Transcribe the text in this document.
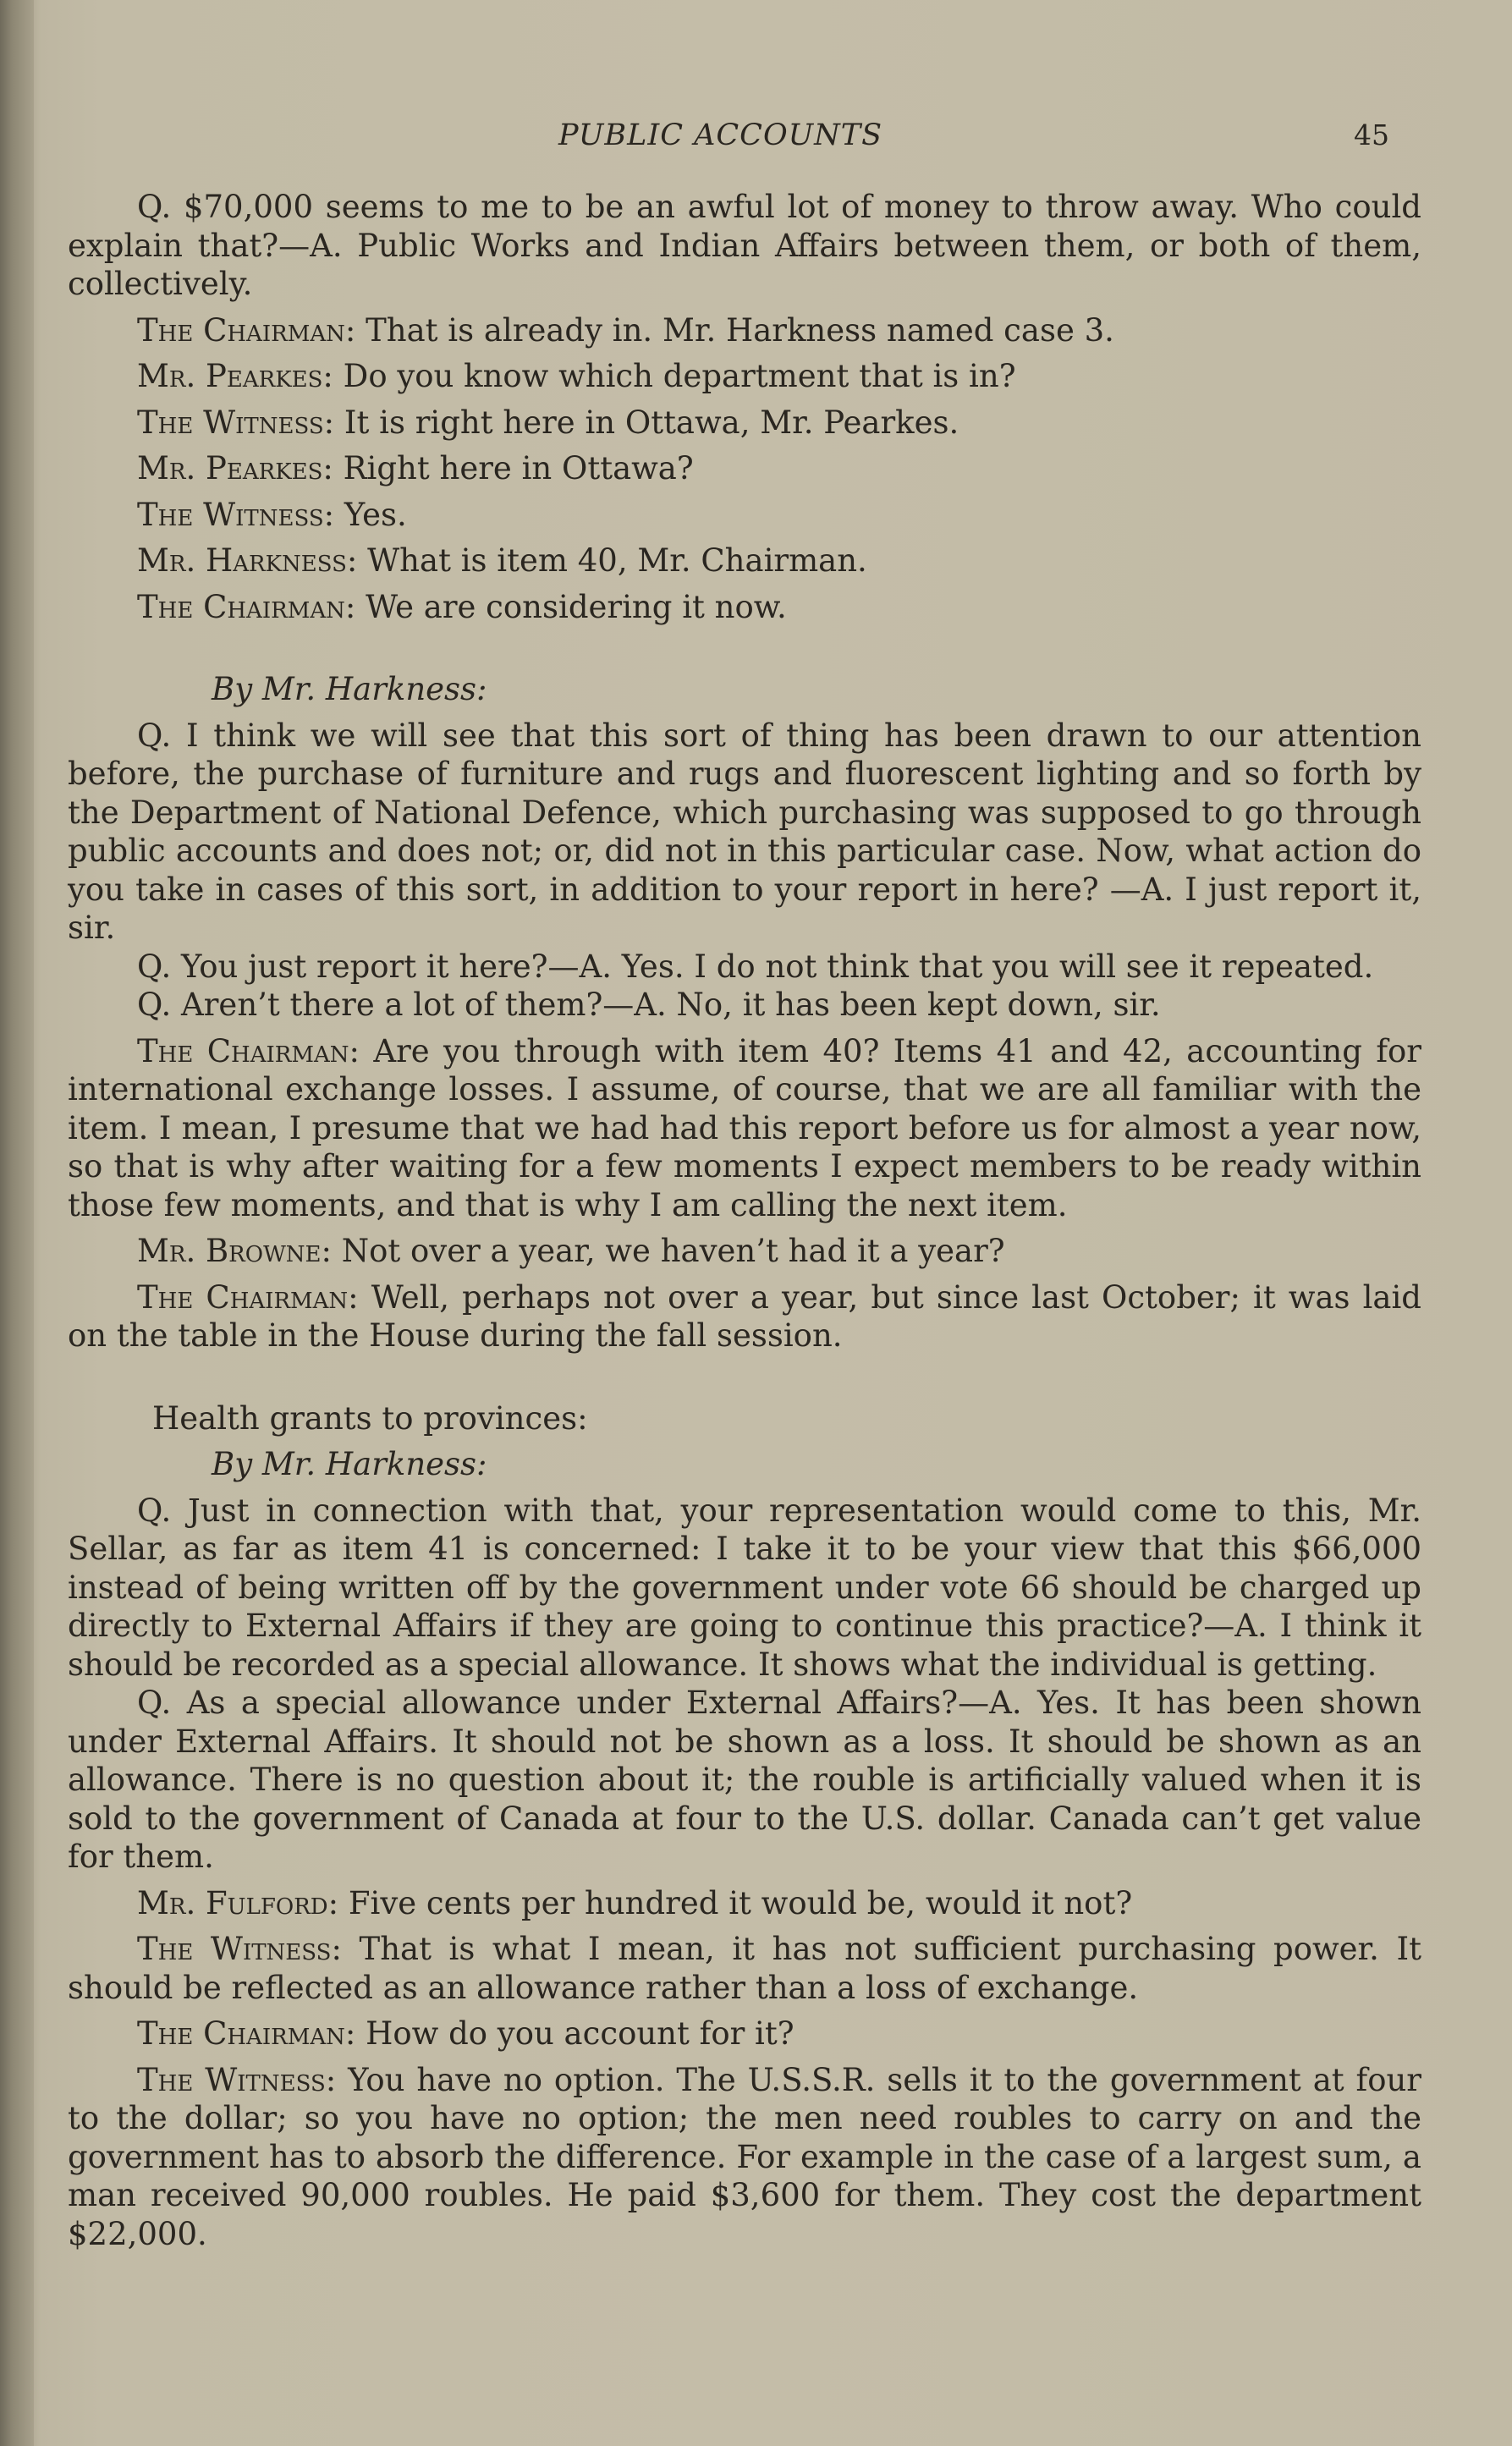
PUBLIC ACCOUNTS	45

Q. $70,000 seems to me to be an awful lot of money to throw away. Who could explain that?—A. Public Works and Indian Affairs between them, or both of them, collectively.

The Chairman: That is already in. Mr. Harkness named case 3.

Mr. Pearkes: Do you know which department that is in?

The Witness: It is right here in Ottawa, Mr. Pearkes.

Mr. Pearkes: Right here in Ottawa?

The Witness: Yes.

Mr. Harkness: What is item 40, Mr. Chairman.

The Chairman: We are considering it now.

By Mr. Harkness:

Q. I think we will see that this sort of thing has been drawn to our attention before, the purchase of furniture and rugs and fluorescent lighting and so forth by the Department of National Defence, which purchasing was supposed to go through public accounts and does not; or, did not in this particular case. Now, what action do you take in cases of this sort, in addition to your report in here? —A. I just report it, sir.

Q. You just report it here?—A. Yes. I do not think that you will see it repeated.

Q. Aren’t there a lot of them?—A. No, it has been kept down, sir.

The Chairman: Are you through with item 40? Items 41 and 42, accounting for international exchange losses. I assume, of course, that we are all familiar with the item. I mean, I presume that we had had this report before us for almost a year now, so that is why after waiting for a few moments I expect members to be ready within those few moments, and that is why I am calling the next item.

Mr. Browne: Not over a year, we haven’t had it a year?

The Chairman: Well, perhaps not over a year, but since last October; it was laid on the table in the House during the fall session.

Health grants to provinces:

By Mr. Harkness:

Q. Just in connection with that, your representation would come to this, Mr. Sellar, as far as item 41 is concerned: I take it to be your view that this $66,000 instead of being written off by the government under vote 66 should be charged up directly to External Affairs if they are going to continue this practice?—A. I think it should be recorded as a special allowance. It shows what the individual is getting.

Q. As a special allowance under External Affairs?—A. Yes. It has been shown under External Affairs. It should not be shown as a loss. It should be shown as an allowance. There is no question about it; the rouble is artificially valued when it is sold to the government of Canada at four to the U.S. dollar. Canada can’t get value for them.

Mr. Fulford: Five cents per hundred it would be, would it not?

The Witness: That is what I mean, it has not sufficient purchasing power. It should be reflected as an allowance rather than a loss of exchange.

The Chairman: How do you account for it?

The Witness: You have no option. The U.S.S.R. sells it to the government at four to the dollar; so you have no option; the men need roubles to carry on and the government has to absorb the difference. For example in the case of a largest sum, a man received 90,000 roubles. He paid $3,600 for them. They cost the department $22,000.
